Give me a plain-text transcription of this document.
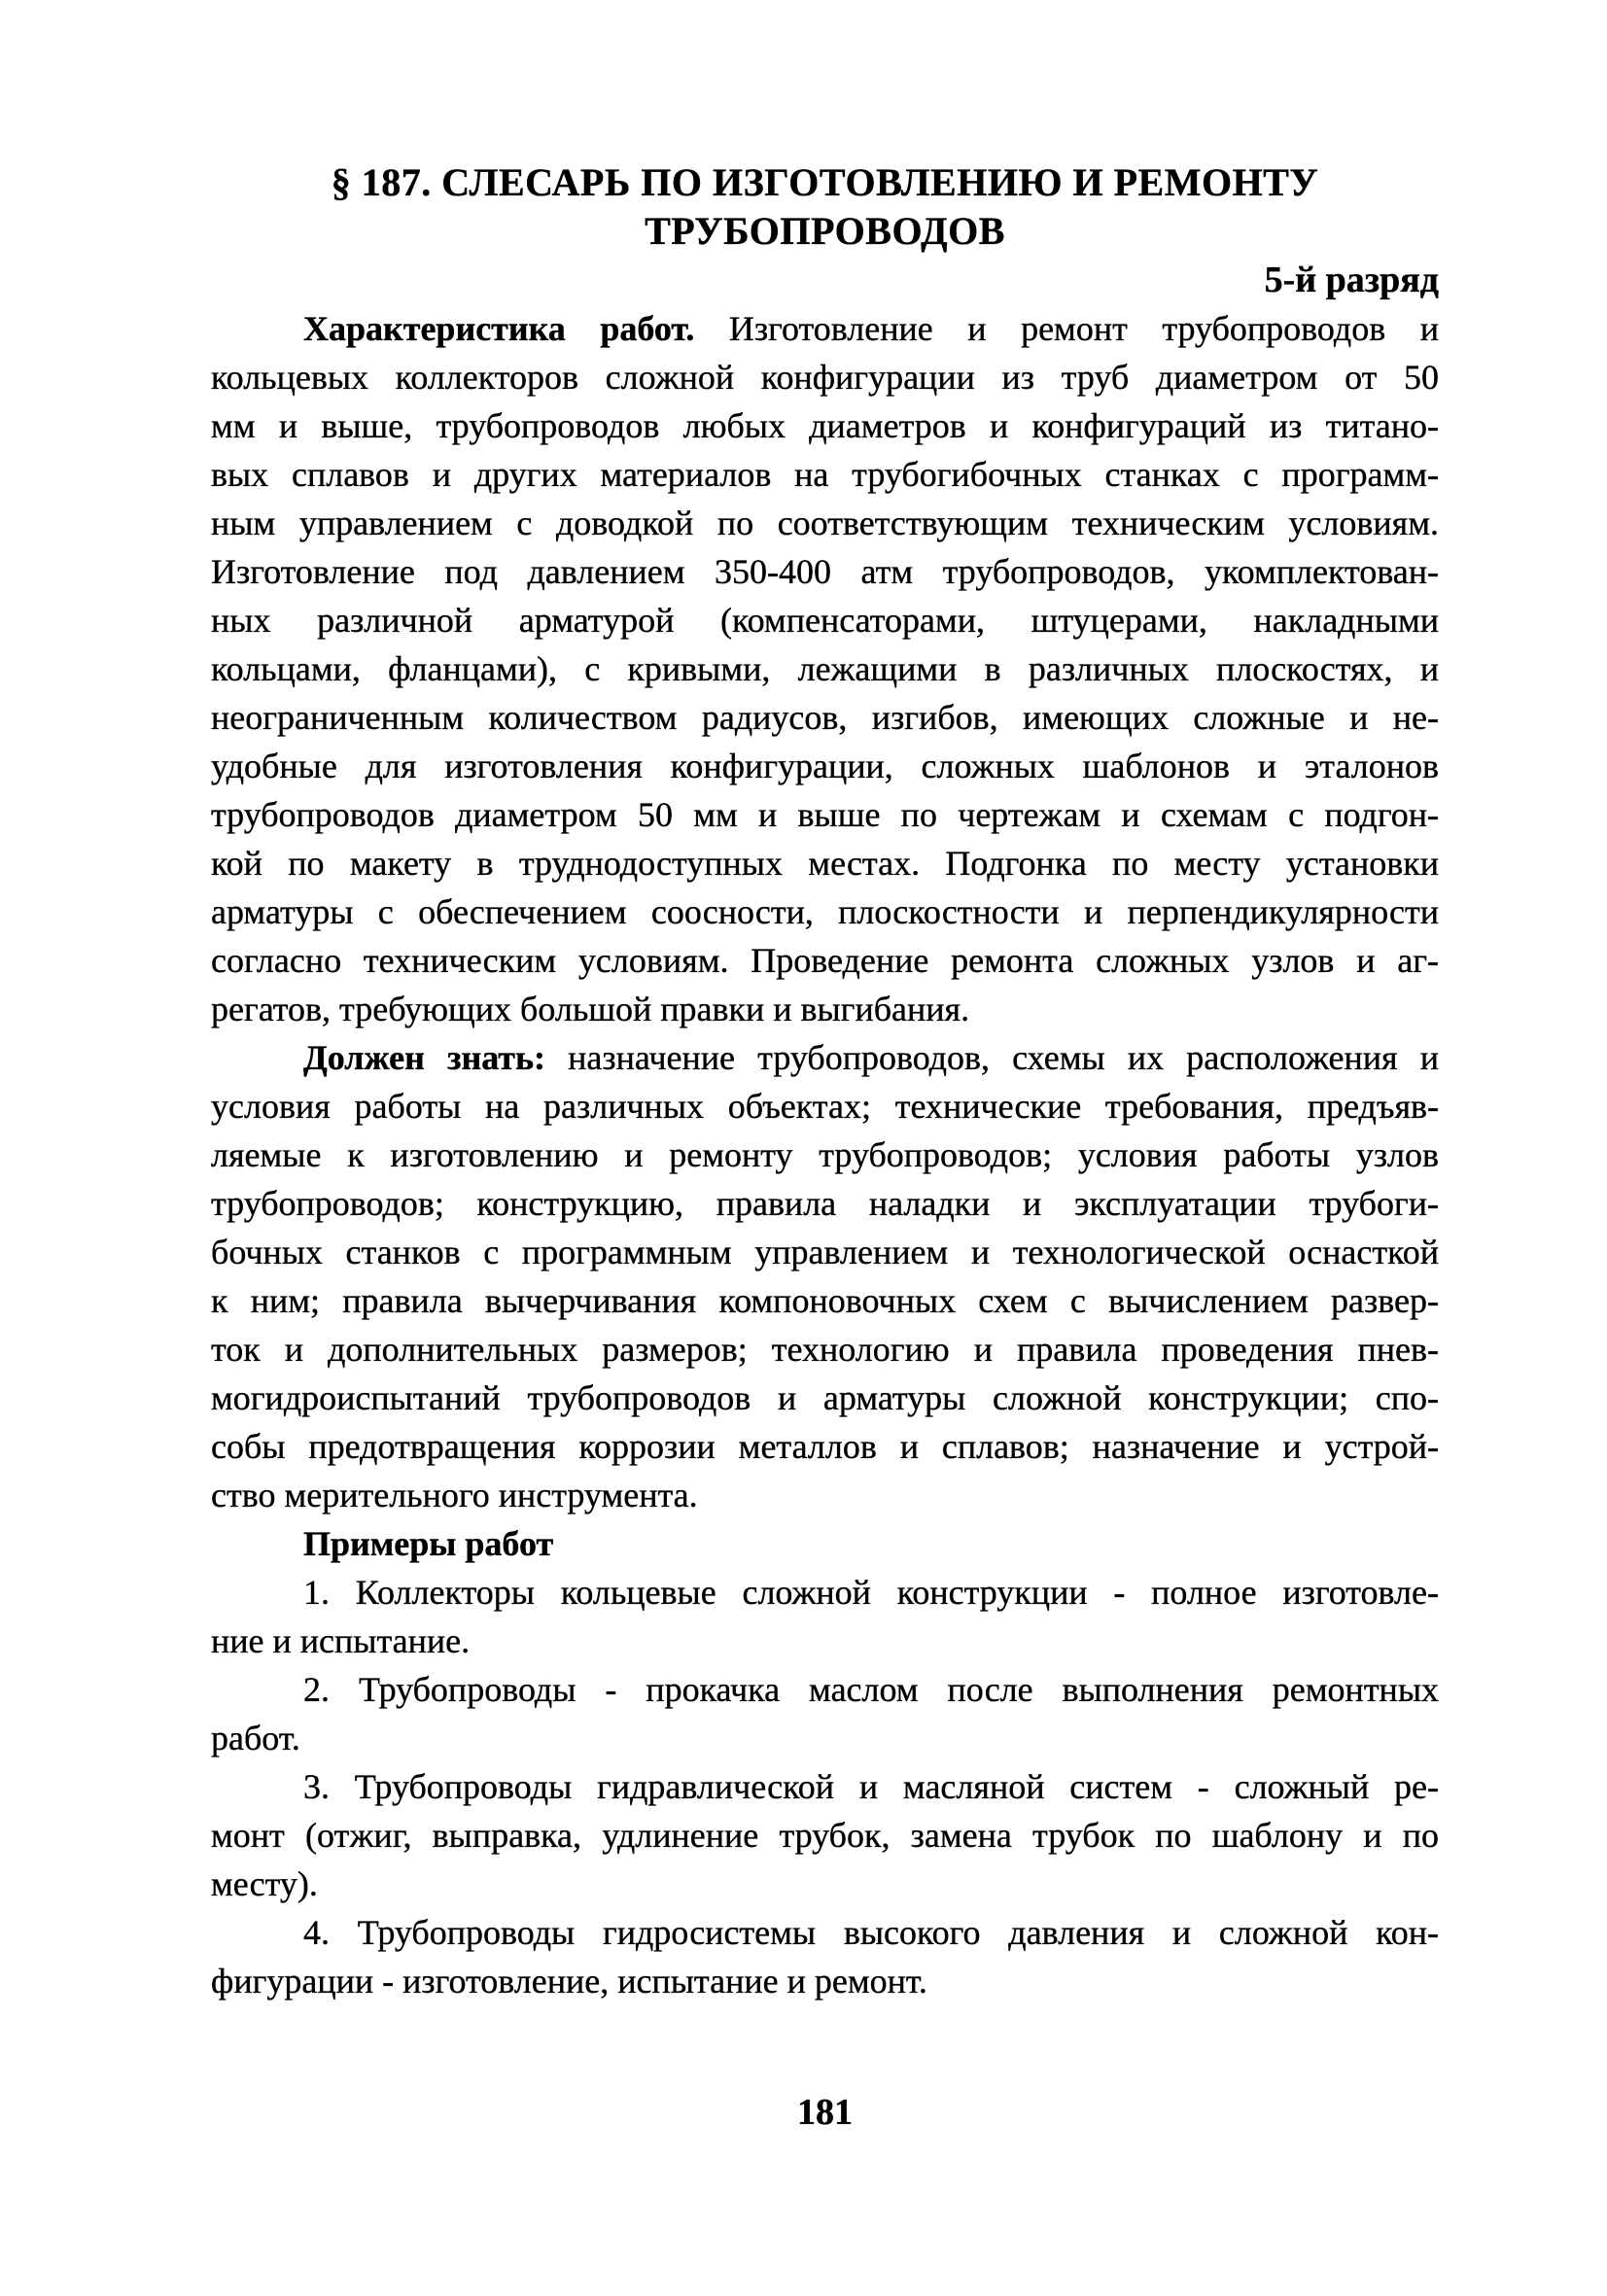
§ 187. СЛЕСАРЬ ПО ИЗГОТОВЛЕНИЮ И РЕМОНТУ
ТРУБОПРОВОДОВ
5-й разряд
Характеристика работ. Изготовление и ремонт трубопроводов и
кольцевых коллекторов сложной конфигурации из труб диаметром от 50
мм и выше, трубопроводов любых диаметров и конфигураций из титано-
вых сплавов и других материалов на трубогибочных станках с программ-
ным управлением с доводкой по соответствующим техническим условиям.
Изготовление под давлением 350-400 атм трубопроводов, укомплектован-
ных различной арматурой (компенсаторами, штуцерами, накладными
кольцами, фланцами), с кривыми, лежащими в различных плоскостях, и
неограниченным количеством радиусов, изгибов, имеющих сложные и не-
удобные для изготовления конфигурации, сложных шаблонов и эталонов
трубопроводов диаметром 50 мм и выше по чертежам и схемам с подгон-
кой по макету в труднодоступных местах. Подгонка по месту установки
арматуры с обеспечением соосности, плоскостности и перпендикулярности
согласно техническим условиям. Проведение ремонта сложных узлов и аг-
регатов, требующих большой правки и выгибания.
Должен знать: назначение трубопроводов, схемы их расположения и
условия работы на различных объектах; технические требования, предъяв-
ляемые к изготовлению и ремонту трубопроводов; условия работы узлов
трубопроводов; конструкцию, правила наладки и эксплуатации трубоги-
бочных станков с программным управлением и технологической оснасткой
к ним; правила вычерчивания компоновочных схем с вычислением развер-
ток и дополнительных размеров; технологию и правила проведения пнев-
могидроиспытаний трубопроводов и арматуры сложной конструкции; спо-
собы предотвращения коррозии металлов и сплавов; назначение и устрой-
ство мерительного инструмента.
Примеры работ
1. Коллекторы кольцевые сложной конструкции - полное изготовле-
ние и испытание.
2. Трубопроводы - прокачка маслом после выполнения ремонтных
работ.
3. Трубопроводы гидравлической и масляной систем - сложный ре-
монт (отжиг, выправка, удлинение трубок, замена трубок по шаблону и по
месту).
4. Трубопроводы гидросистемы высокого давления и сложной кон-
фигурации - изготовление, испытание и ремонт.
181
